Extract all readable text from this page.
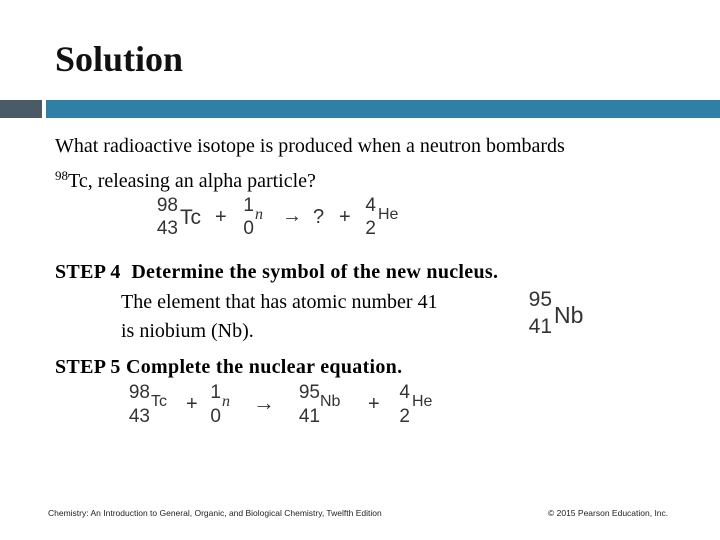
Solution
What radioactive isotope is produced when a neutron bombards
$^{98}$Tc, releasing an alpha particle?
98
43 Tc +
1
0
n → ? +
4
2
He
STEP 4  Determine the symbol of the new nucleus.
The element that has atomic number 41
is niobium (Nb).
95
41 Nb
STEP 5 Complete the nuclear equation.
98
43
Tc +
1
0
n → 95
41
Nb +
4
2
He
Chemistry: An Introduction to General, Organic, and Biological Chemistry, Twelfth Edition	© 2015 Pearson Education, Inc.
